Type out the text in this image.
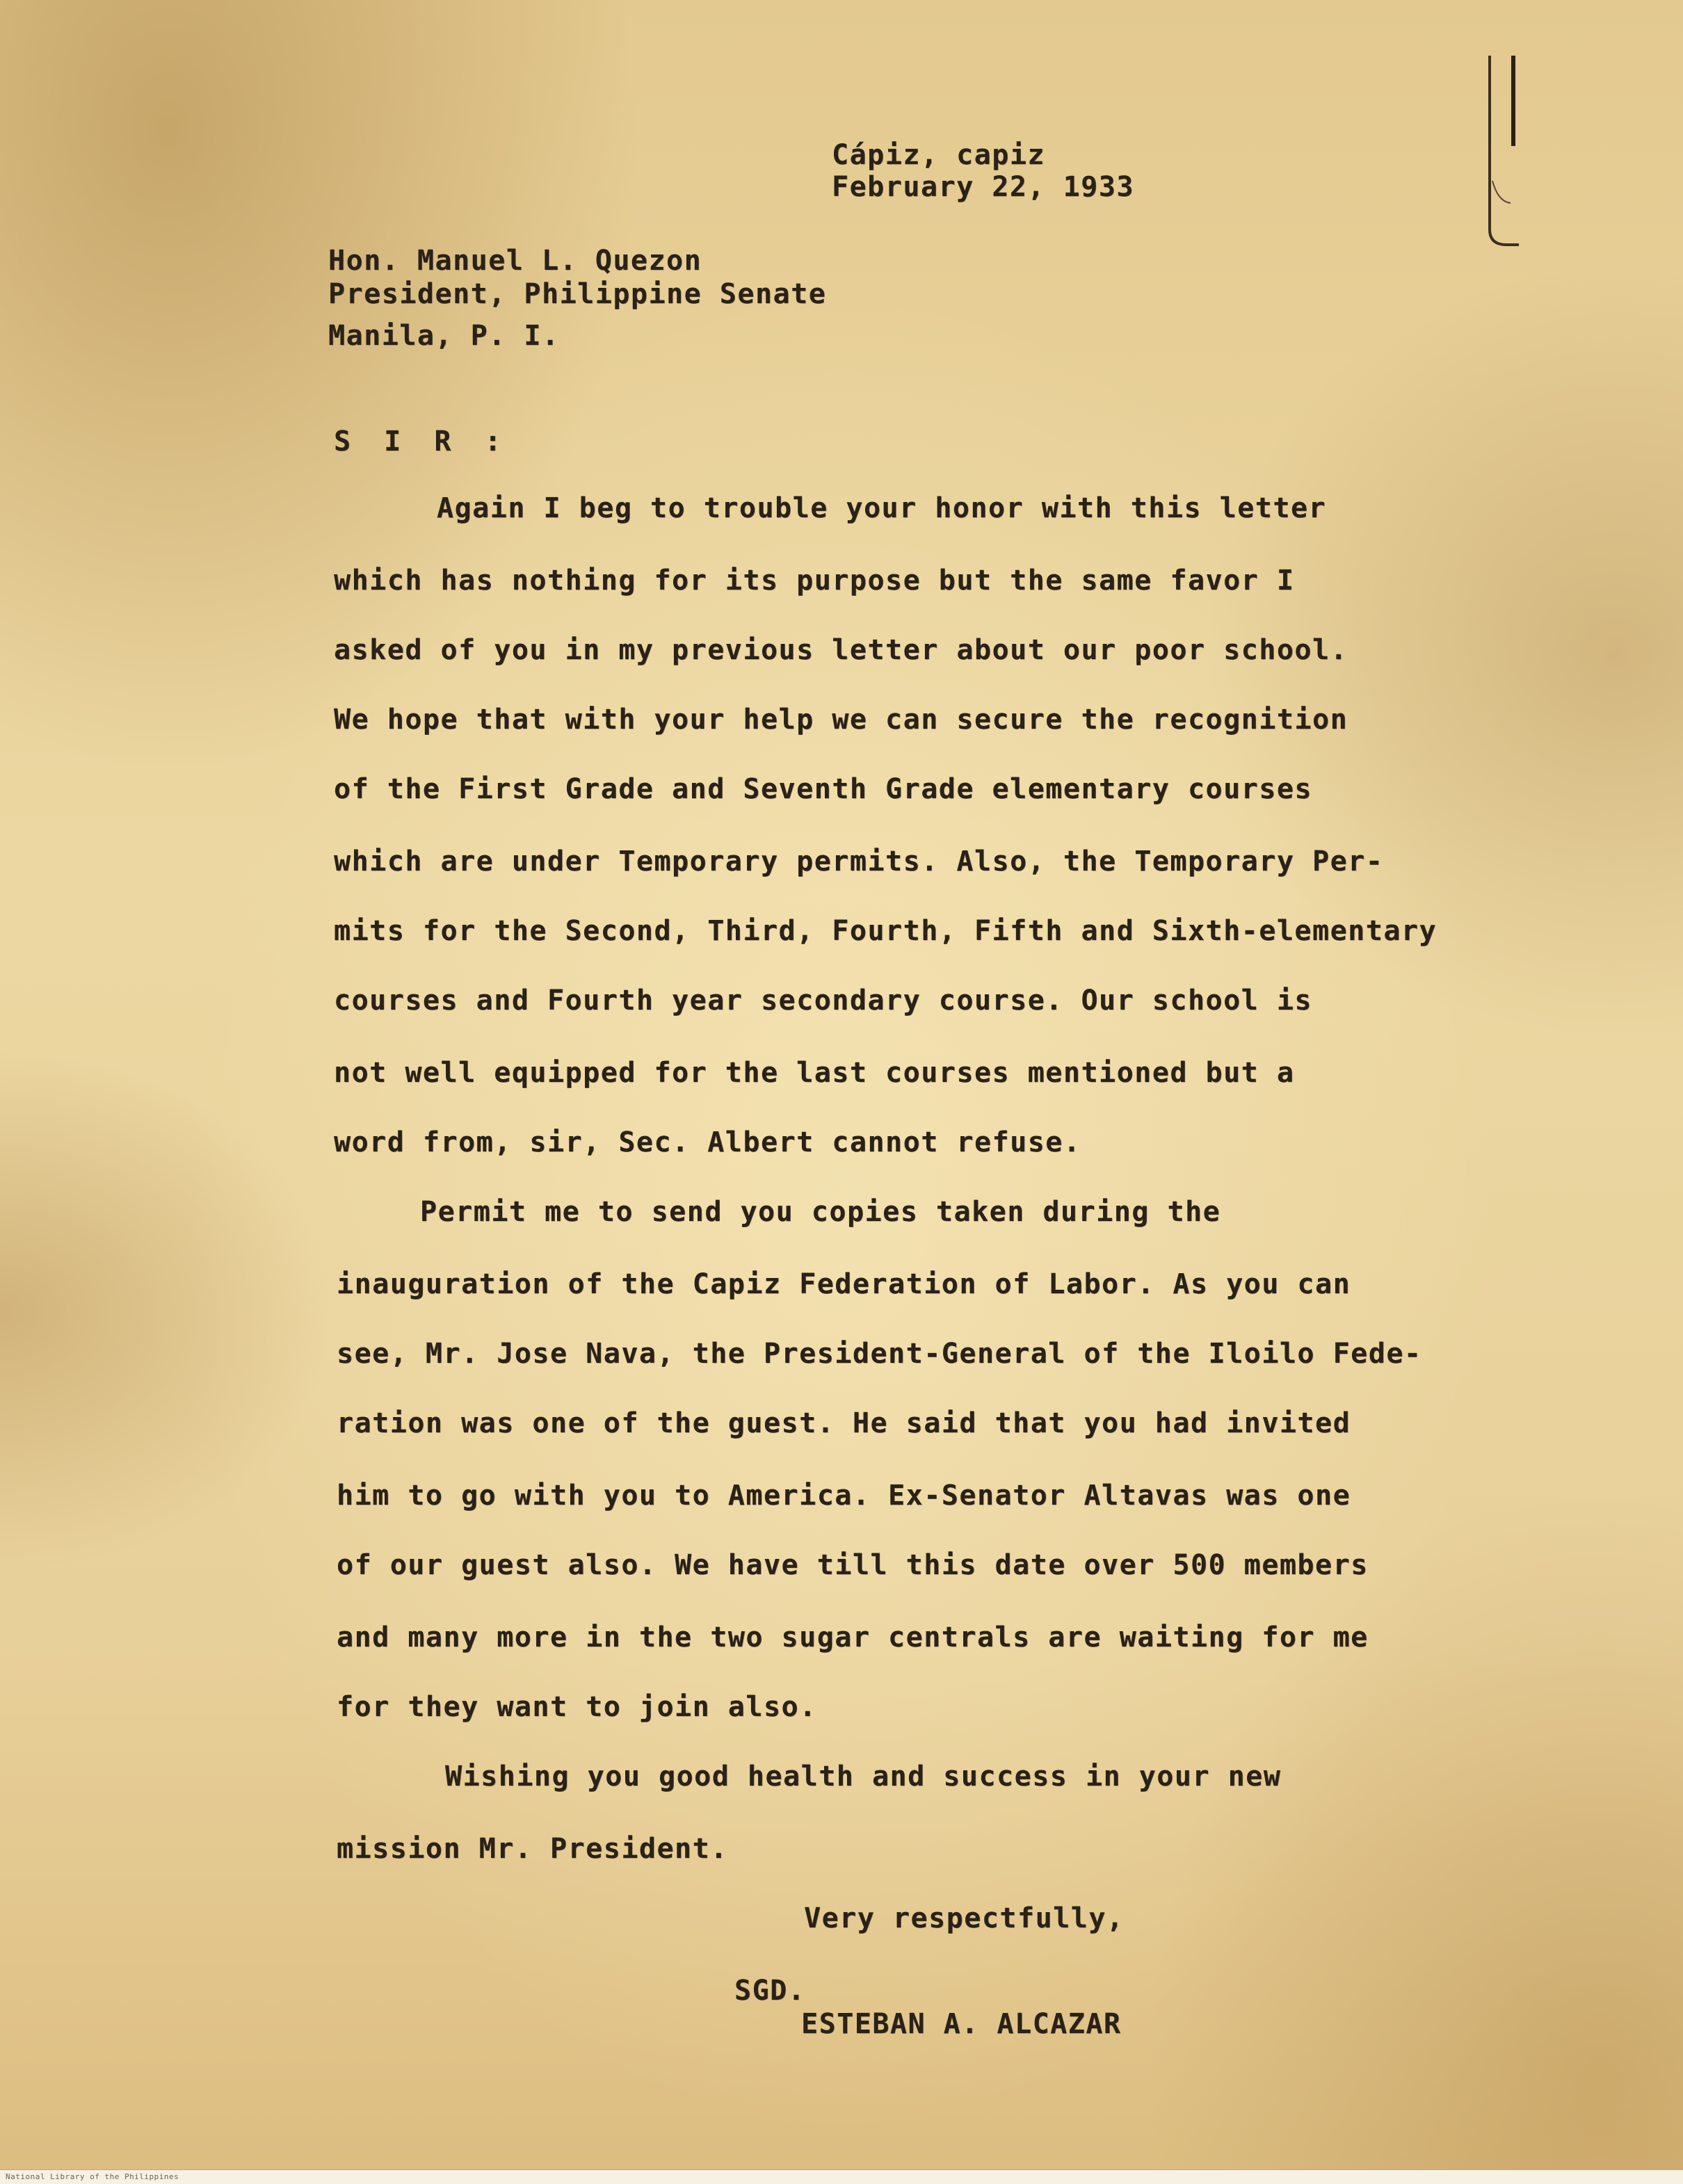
Cápiz, capiz
February 22, 1933
Hon. Manuel L. Quezon
President, Philippine Senate
Manila, P. I.
S I R :
Again I beg to trouble your honor with this letter
which has nothing for its purpose but the same favor I
asked of you in my previous letter about our poor school.
We hope that with your help we can secure the recognition
of the First Grade and Seventh Grade elementary courses
which are under Temporary permits. Also, the Temporary Per-
mits for the Second, Third, Fourth, Fifth and Sixth-elementary
courses and Fourth year secondary course. Our school is
not well equipped for the last courses mentioned but a
word from, sir, Sec. Albert cannot refuse.
Permit me to send you copies taken during the
inauguration of the Capiz Federation of Labor. As you can
see, Mr. Jose Nava, the President-General of the Iloilo Fede-
ration was one of the guest. He said that you had invited
him to go with you to America. Ex-Senator Altavas was one
of our guest also. We have till this date over 500 members
and many more in the two sugar centrals are waiting for me
for they want to join also.
Wishing you good health and success in your new
mission Mr. President.
Very respectfully,
SGD.
ESTEBAN A. ALCAZAR
National Library of the Philippines
